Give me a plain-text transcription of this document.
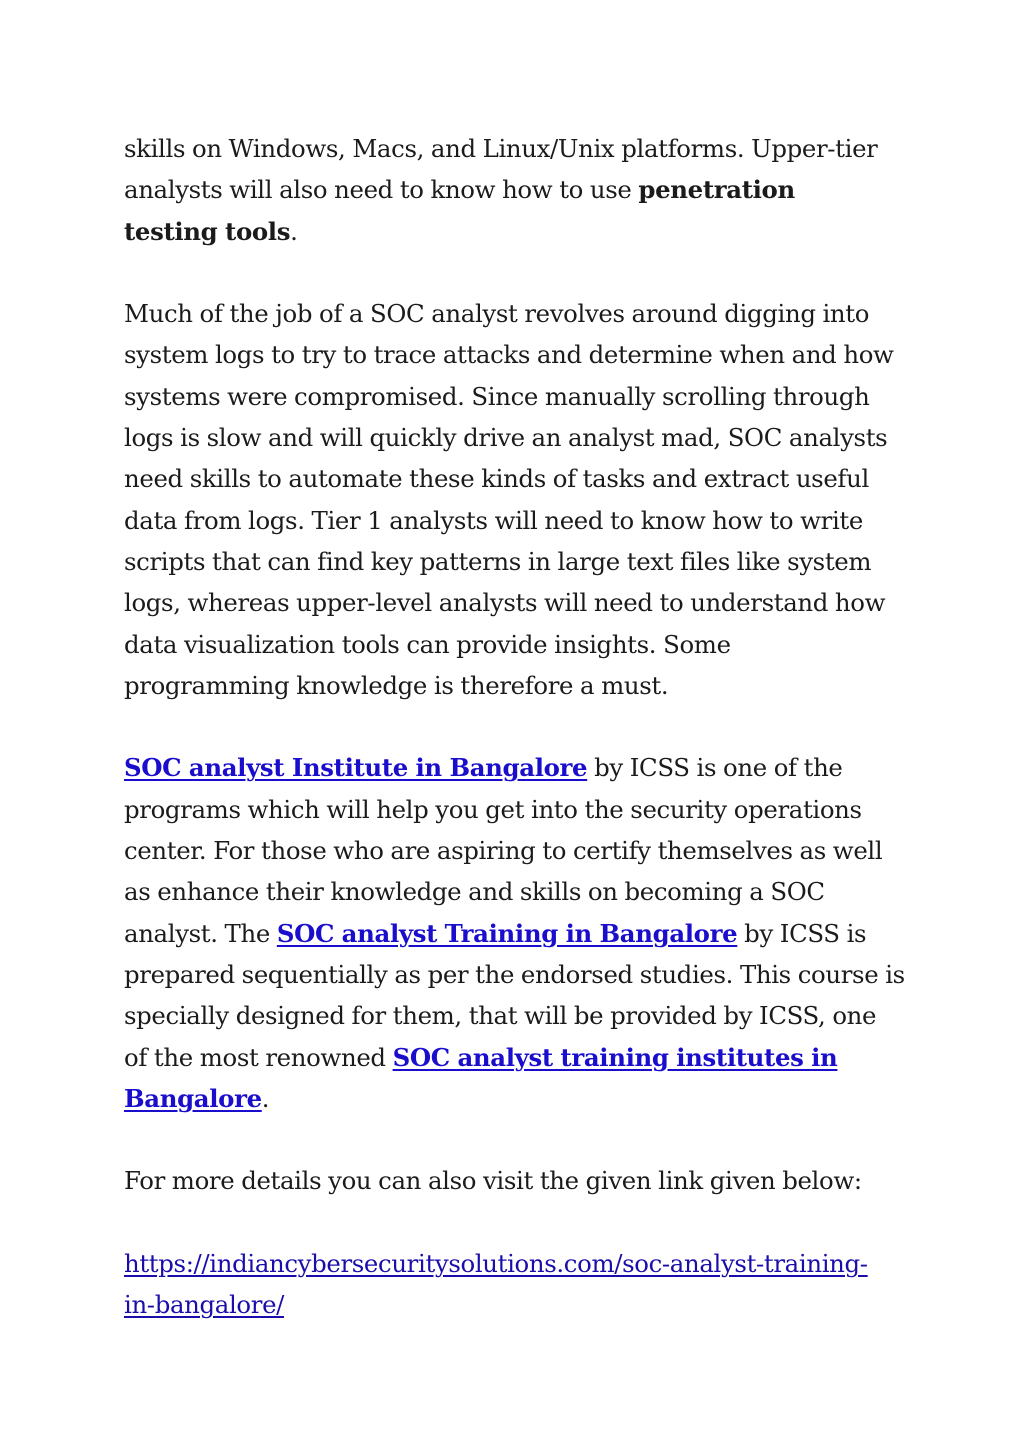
skills on Windows, Macs, and Linux/Unix platforms. Upper-tier
analysts will also need to know how to use penetration
testing tools.

Much of the job of a SOC analyst revolves around digging into
system logs to try to trace attacks and determine when and how
systems were compromised. Since manually scrolling through
logs is slow and will quickly drive an analyst mad, SOC analysts
need skills to automate these kinds of tasks and extract useful
data from logs. Tier 1 analysts will need to know how to write
scripts that can find key patterns in large text files like system
logs, whereas upper-level analysts will need to understand how
data visualization tools can provide insights. Some
programming knowledge is therefore a must.

SOC analyst Institute in Bangalore by ICSS is one of the
programs which will help you get into the security operations
center. For those who are aspiring to certify themselves as well
as enhance their knowledge and skills on becoming a SOC
analyst. The SOC analyst Training in Bangalore by ICSS is
prepared sequentially as per the endorsed studies. This course is
specially designed for them, that will be provided by ICSS, one
of the most renowned SOC analyst training institutes in
Bangalore.

For more details you can also visit the given link given below:

https://indiancybersecuritysolutions.com/soc-analyst-training-
in-bangalore/
